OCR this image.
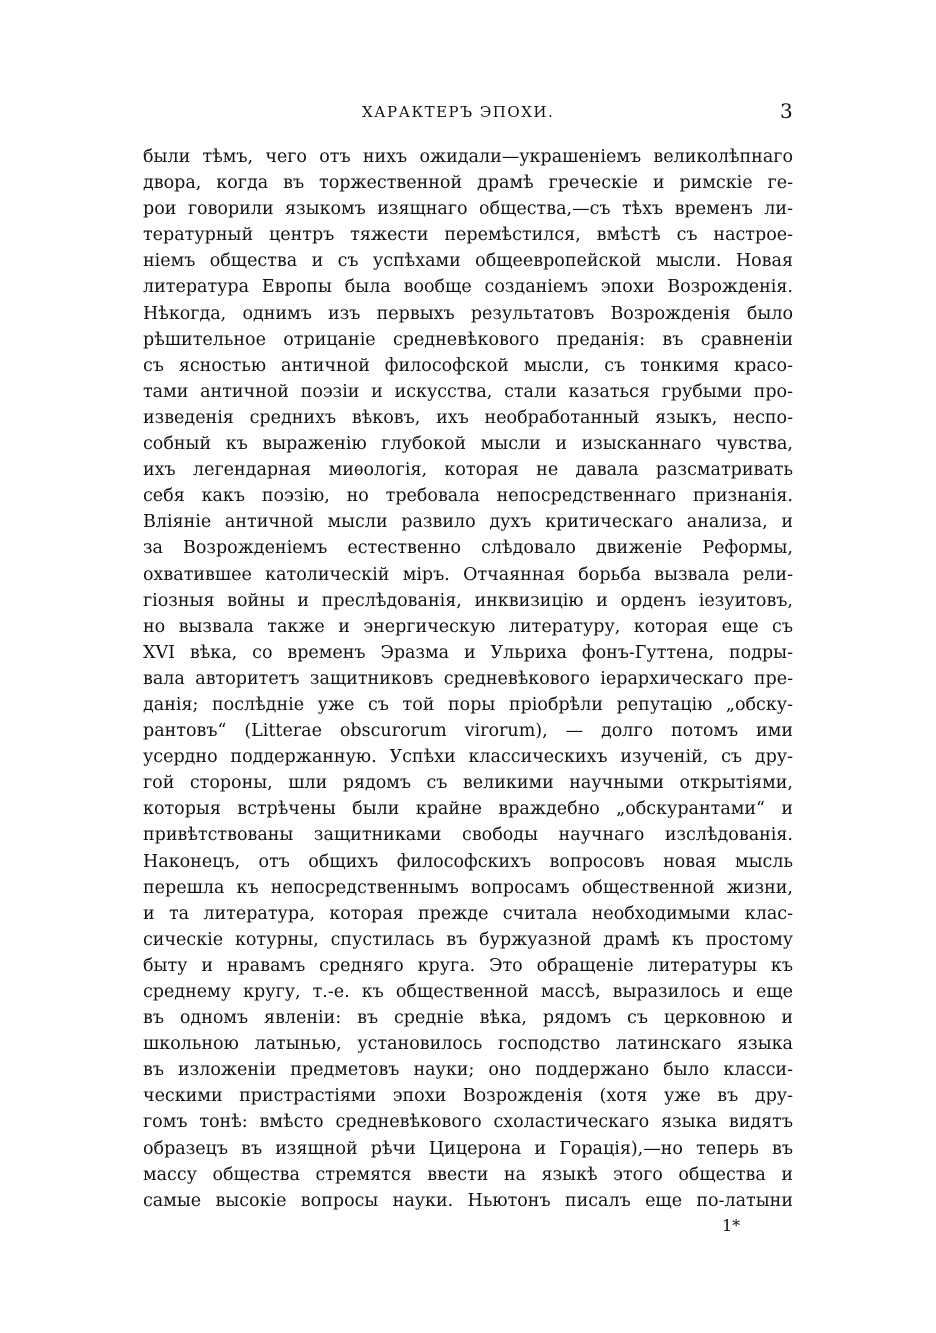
ХАРАКТЕРЪ ЭПОХИ.	3
были тѣмъ, чего отъ нихъ ожидали—украшеніемъ великолѣпнаго
двора, когда въ торжественной драмѣ греческіе и римскіе ге-
рои говорили языкомъ изящнаго общества,—съ тѣхъ временъ ли-
тературный центръ тяжести перемѣстился, вмѣстѣ съ настрое-
ніемъ общества и съ успѣхами общеевропейской мысли. Новая
литература Европы была вообще созданіемъ эпохи Возрожденія.
Нѣкогда, однимъ изъ первыхъ результатовъ Возрожденія было
рѣшительное отрицаніе средневѣкового преданія: въ сравненіи
съ ясностью античной философской мысли, съ тонкимя красо-
тами античной поэзіи и искусства, стали казаться грубыми про-
изведенія среднихъ вѣковъ, ихъ необработанный языкъ, неспо-
собный къ выраженію глубокой мысли и изысканнаго чувства,
ихъ легендарная миѳологія, которая не давала разсматривать
себя какъ поэзію, но требовала непосредственнаго признанія.
Вліяніе античной мысли развило духъ критическаго анализа, и
за Возрожденіемъ естественно слѣдовало движеніе Реформы,
охватившее католическій міръ. Отчаянная борьба вызвала рели-
гіозныя войны и преслѣдованія, инквизицію и орденъ іезуитовъ,
но вызвала также и энергическую литературу, которая еще съ
XVI вѣка, со временъ Эразма и Ульриха фонъ-Гуттена, подры-
вала авторитетъ защитниковъ средневѣкового іерархическаго пре-
данія; послѣдніе уже съ той поры пріобрѣли репутацію „обску-
рантовъ“ (Litterae obscurorum virorum), — долго потомъ ими
усердно поддержанную. Успѣхи классическихъ изученій, съ дру-
гой стороны, шли рядомъ съ великими научными открытіями,
которыя встрѣчены были крайне враждебно „обскурантами“ и
привѣтствованы защитниками свободы научнаго изслѣдованія.
Наконецъ, отъ общихъ философскихъ вопросовъ новая мысль
перешла къ непосредственнымъ вопросамъ общественной жизни,
и та литература, которая прежде считала необходимыми клас-
сическіе котурны, спустилась въ буржуазной драмѣ къ простому
быту и нравамъ средняго круга. Это обращеніе литературы къ
среднему кругу, т.-е. къ общественной массѣ, выразилось и еще
въ одномъ явленіи: въ средніе вѣка, рядомъ съ церковною и
школьною латынью, установилось господство латинскаго языка
въ изложеніи предметовъ науки; оно поддержано было класси-
ческими пристрастіями эпохи Возрожденія (хотя уже въ дру-
гомъ тонѣ: вмѣсто средневѣкового схоластическаго языка видятъ
образецъ въ изящной рѣчи Цицерона и Горація),—но теперь въ
массу общества стремятся ввести на языкѣ этого общества и
самые высокіе вопросы науки. Ньютонъ писалъ еще по-латыни
1*
